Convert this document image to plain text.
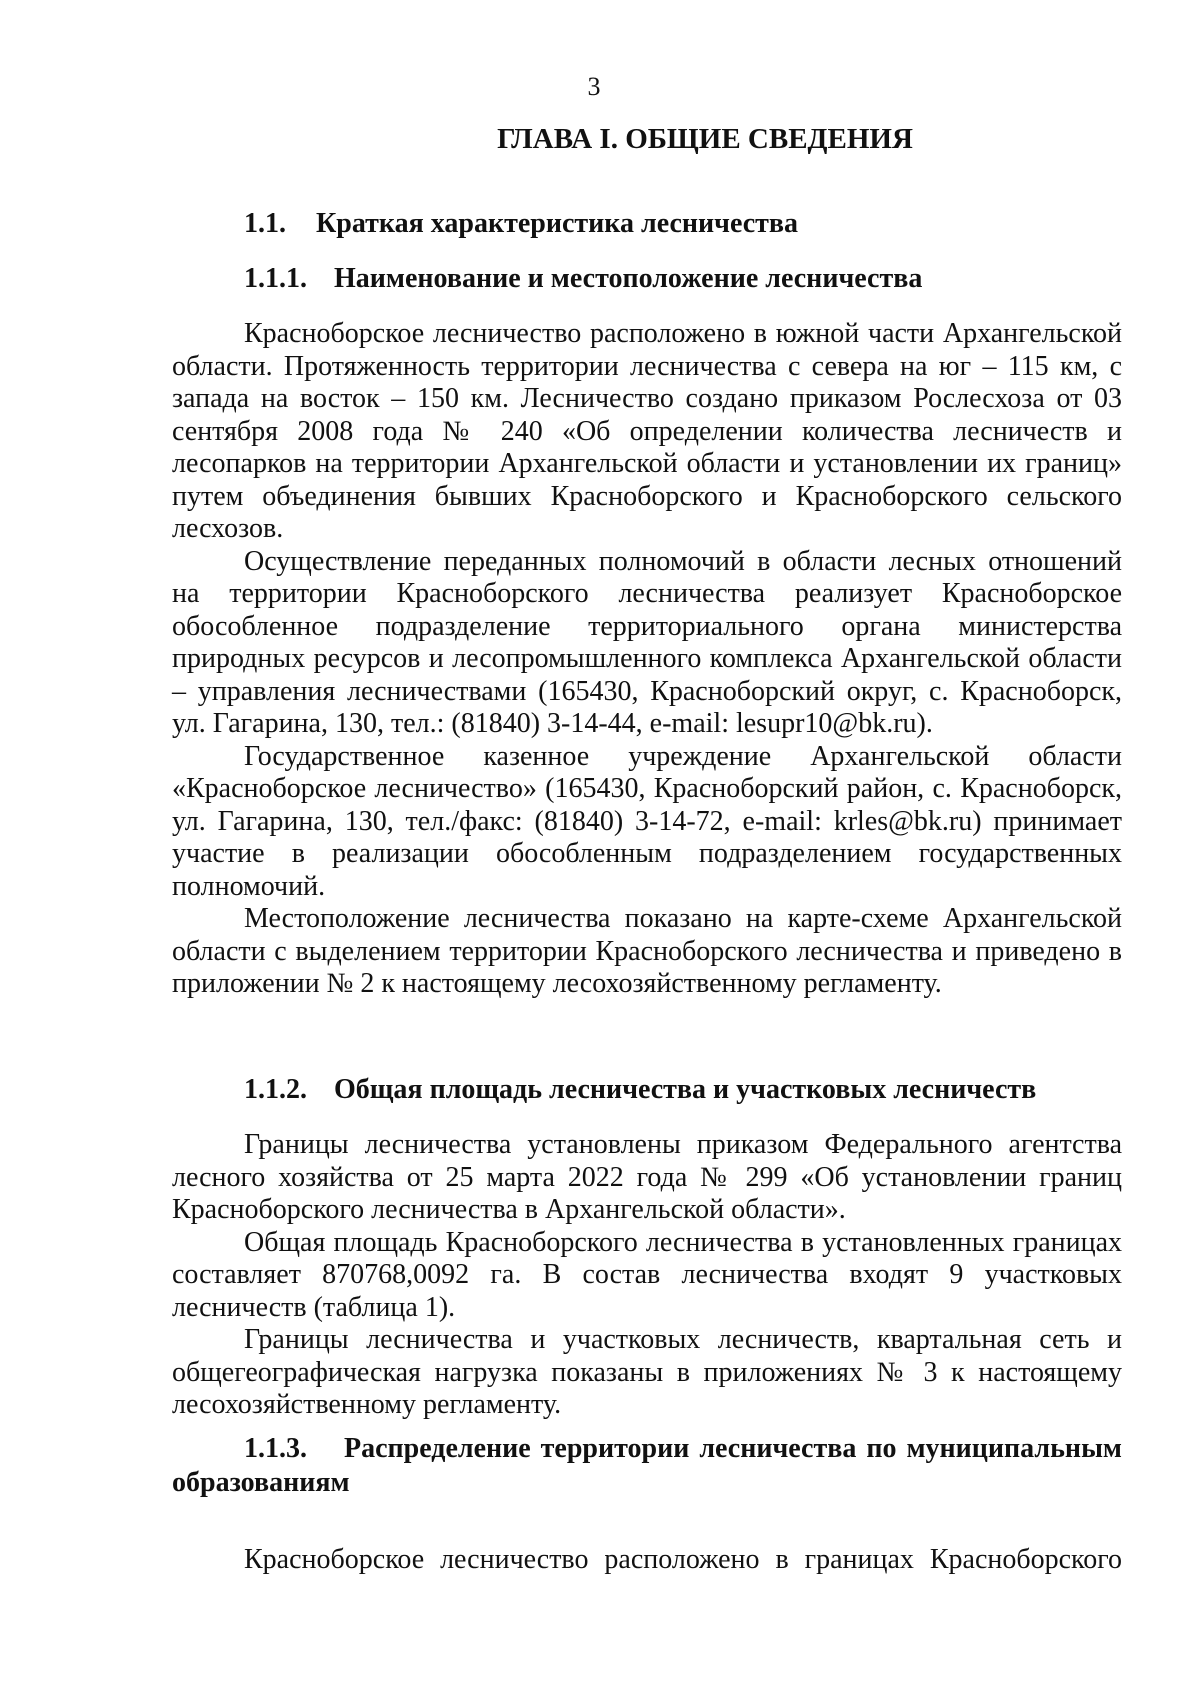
3
ГЛАВА I. ОБЩИЕ СВЕДЕНИЯ
1.1. Краткая характеристика лесничества
1.1.1. Наименование и местоположение лесничества

Красноборское лесничество расположено в южной части Архангельской области. Протяженность территории лесничества с севера на юг – 115 км, с запада на восток – 150 км. Лесничество создано приказом Рослесхоза от 03 сентября 2008 года № 240 «Об определении количества лесничеств и лесопарков на территории Архангельской области и установлении их границ» путем объединения бывших Красноборского и Красноборского сельского лесхозов.

Осуществление переданных полномочий в области лесных отношений на территории Красноборского лесничества реализует Красноборское обособленное подразделение территориального органа министерства природных ресурсов и лесопромышленного комплекса Архангельской области – управления лесничествами (165430, Красноборский округ, с. Красноборск, ул. Гагарина, 130, тел.: (81840) 3-14-44, e-mail: lesupr10@bk.ru).

Государственное казенное учреждение Архангельской области «Красноборское лесничество» (165430, Красноборский район, с. Красноборск, ул. Гагарина, 130, тел./факс: (81840) 3-14-72, e-mail: krles@bk.ru) принимает участие в реализации обособленным подразделением государственных полномочий.

Местоположение лесничества показано на карте-схеме Архангельской области с выделением территории Красноборского лесничества и приведено в приложении № 2 к настоящему лесохозяйственному регламенту.

1.1.2. Общая площадь лесничества и участковых лесничеств

Границы лесничества установлены приказом Федерального агентства лесного хозяйства от 25 марта 2022 года № 299 «Об установлении границ Красноборского лесничества в Архангельской области».

Общая площадь Красноборского лесничества в установленных границах составляет 870768,0092 га. В состав лесничества входят 9 участковых лесничеств (таблица 1).

Границы лесничества и участковых лесничеств, квартальная сеть и общегеографическая нагрузка показаны в приложениях № 3 к настоящему лесохозяйственному регламенту.

1.1.3. Распределение территории лесничества по муниципальным образованиям

Красноборское лесничество расположено в границах Красноборского
